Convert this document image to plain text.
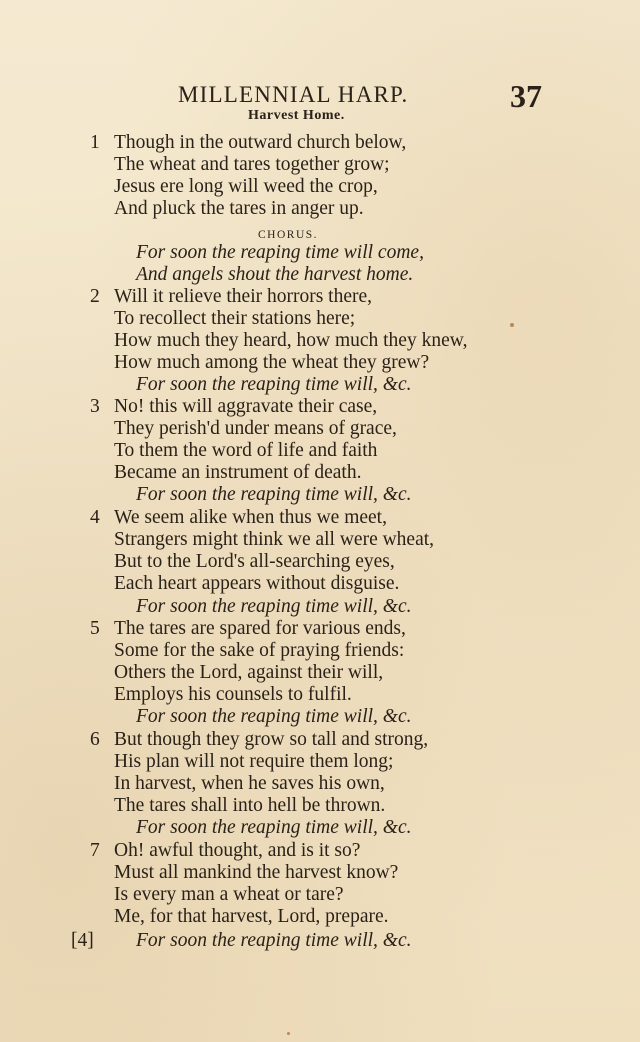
MILLENNIAL HARP.	37
Harvest Home.
1 Though in the outward church below,
The wheat and tares together grow;
Jesus ere long will weed the crop,
And pluck the tares in anger up.
CHORUS.
For soon the reaping time will come,
And angels shout the harvest home.
2 Will it relieve their horrors there,
To recollect their stations here;
How much they heard, how much they knew,
How much among the wheat they grew?
For soon the reaping time will, &c.
3 No! this will aggravate their case,
They perish'd under means of grace,
To them the word of life and faith
Became an instrument of death.
For soon the reaping time will, &c.
4 We seem alike when thus we meet,
Strangers might think we all were wheat,
But to the Lord's all-searching eyes,
Each heart appears without disguise.
For soon the reaping time will, &c.
5 The tares are spared for various ends,
Some for the sake of praying friends:
Others the Lord, against their will,
Employs his counsels to fulfil.
For soon the reaping time will, &c.
6 But though they grow so tall and strong,
His plan will not require them long;
In harvest, when he saves his own,
The tares shall into hell be thrown.
For soon the reaping time will, &c.
7 Oh! awful thought, and is it so?
Must all mankind the harvest know?
Is every man a wheat or tare?
Me, for that harvest, Lord, prepare.
For soon the reaping time will, &c.
[4]
